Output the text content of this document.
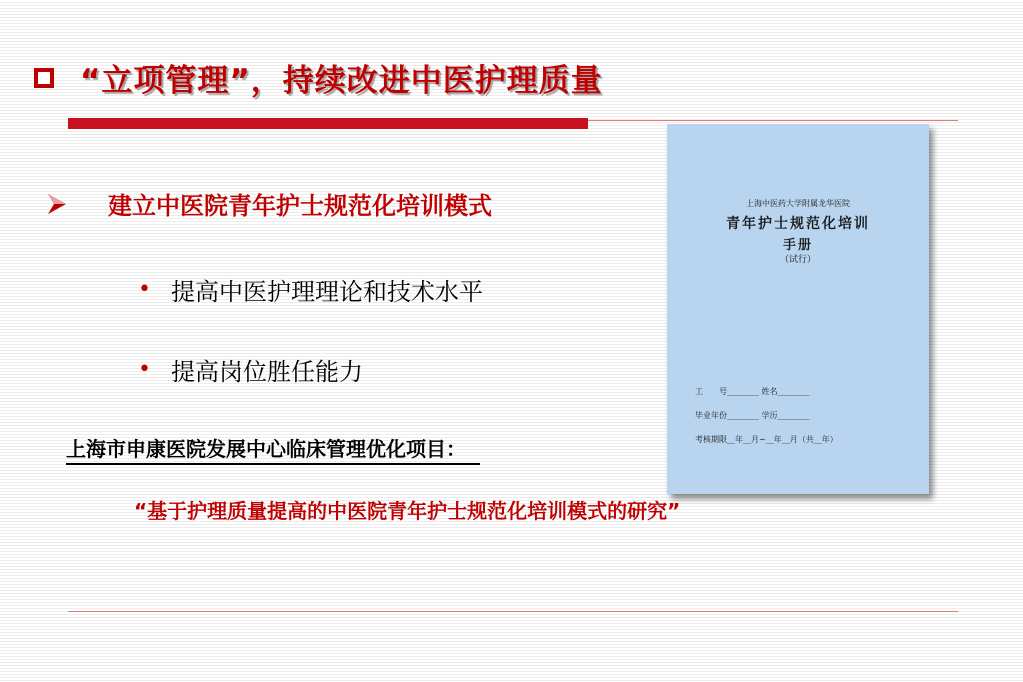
“立项管理”，持续改进中医护理质量
建立中医院青年护士规范化培训模式
• 提高中医护理理论和技术水平
• 提高岗位胜任能力
上海市申康医院发展中心临床管理优化项目：
“基于护理质量提高的中医院青年护士规范化培训模式的研究”
上海中医药大学附属龙华医院
青年护士规范化培训
手册
（试行）
工　　号________ 姓名________
毕业年份________ 学历________
考核期限__年__月~__年__月（共__年）
